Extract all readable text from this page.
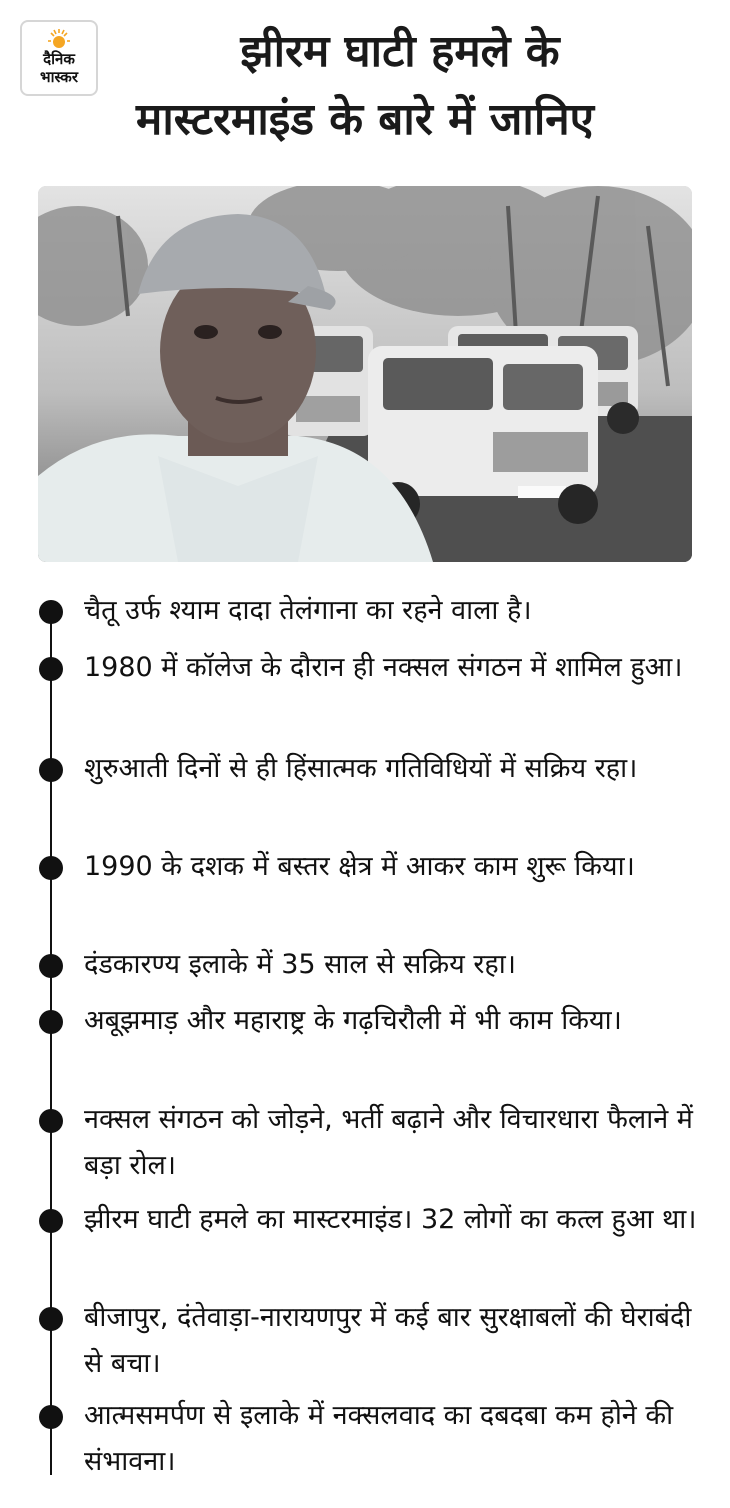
दैनिक
भास्कर	झीरम घाटी हमले के
मास्टरमाइंड के बारे में जानिए
चैतू उर्फ श्याम दादा तेलंगाना का रहने वाला है।
1980 में कॉलेज के दौरान ही नक्सल संगठन में शामिल हुआ।
शुरुआती दिनों से ही हिंसात्मक गतिविधियों में सक्रिय रहा।
1990 के दशक में बस्तर क्षेत्र में आकर काम शुरू किया।
दंडकारण्य इलाके में 35 साल से सक्रिय रहा।
अबूझमाड़ और महाराष्ट्र के गढ़चिरौली में भी काम किया।
नक्सल संगठन को जोड़ने, भर्ती बढ़ाने और विचारधारा फैलाने में बड़ा रोल।
झीरम घाटी हमले का मास्टरमाइंड। 32 लोगों का कत्ल हुआ था।
बीजापुर, दंतेवाड़ा-नारायणपुर में कई बार सुरक्षाबलों की घेराबंदी से बचा।
आत्मसमर्पण से इलाके में नक्सलवाद का दबदबा कम होने की संभावना।
